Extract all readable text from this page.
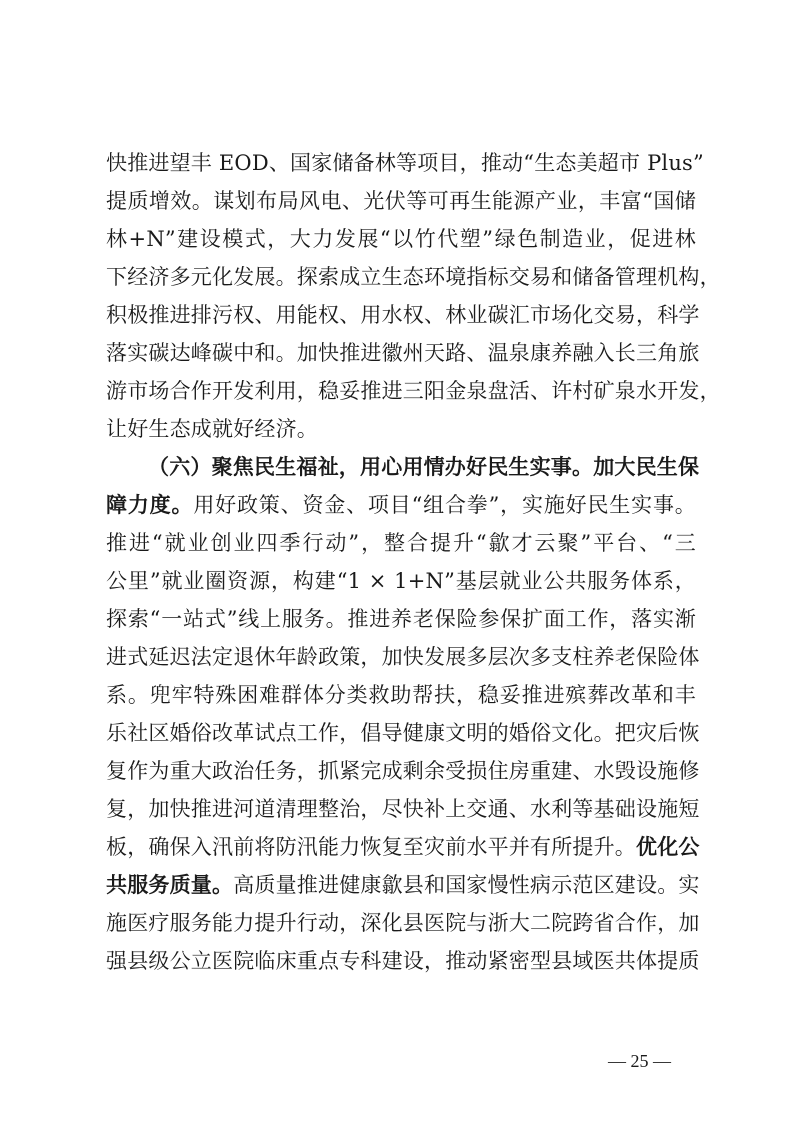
快推进望丰 EOD、国家储备林等项目，推动“生态美超市 Plus”
提质增效。谋划布局风电、光伏等可再生能源产业，丰富“国储
林+N”建设模式，大力发展“以竹代塑”绿色制造业，促进林
下经济多元化发展。探索成立生态环境指标交易和储备管理机构，
积极推进排污权、用能权、用水权、林业碳汇市场化交易，科学
落实碳达峰碳中和。加快推进徽州天路、温泉康养融入长三角旅
游市场合作开发利用，稳妥推进三阳金泉盘活、许村矿泉水开发，
让好生态成就好经济。
（六）聚焦民生福祉，用心用情办好民生实事。加大民生保
障力度。用好政策、资金、项目“组合拳”，实施好民生实事。
推进“就业创业四季行动”，整合提升“歙才云聚”平台、“三
公里”就业圈资源，构建“1 × 1+N”基层就业公共服务体系，
探索“一站式”线上服务。推进养老保险参保扩面工作，落实渐
进式延迟法定退休年龄政策，加快发展多层次多支柱养老保险体
系。兜牢特殊困难群体分类救助帮扶，稳妥推进殡葬改革和丰
乐社区婚俗改革试点工作，倡导健康文明的婚俗文化。把灾后恢
复作为重大政治任务，抓紧完成剩余受损住房重建、水毁设施修
复，加快推进河道清理整治，尽快补上交通、水利等基础设施短
板，确保入汛前将防汛能力恢复至灾前水平并有所提升。优化公
共服务质量。高质量推进健康歙县和国家慢性病示范区建设。实
施医疗服务能力提升行动，深化县医院与浙大二院跨省合作，加
强县级公立医院临床重点专科建设，推动紧密型县域医共体提质
— 25 —
